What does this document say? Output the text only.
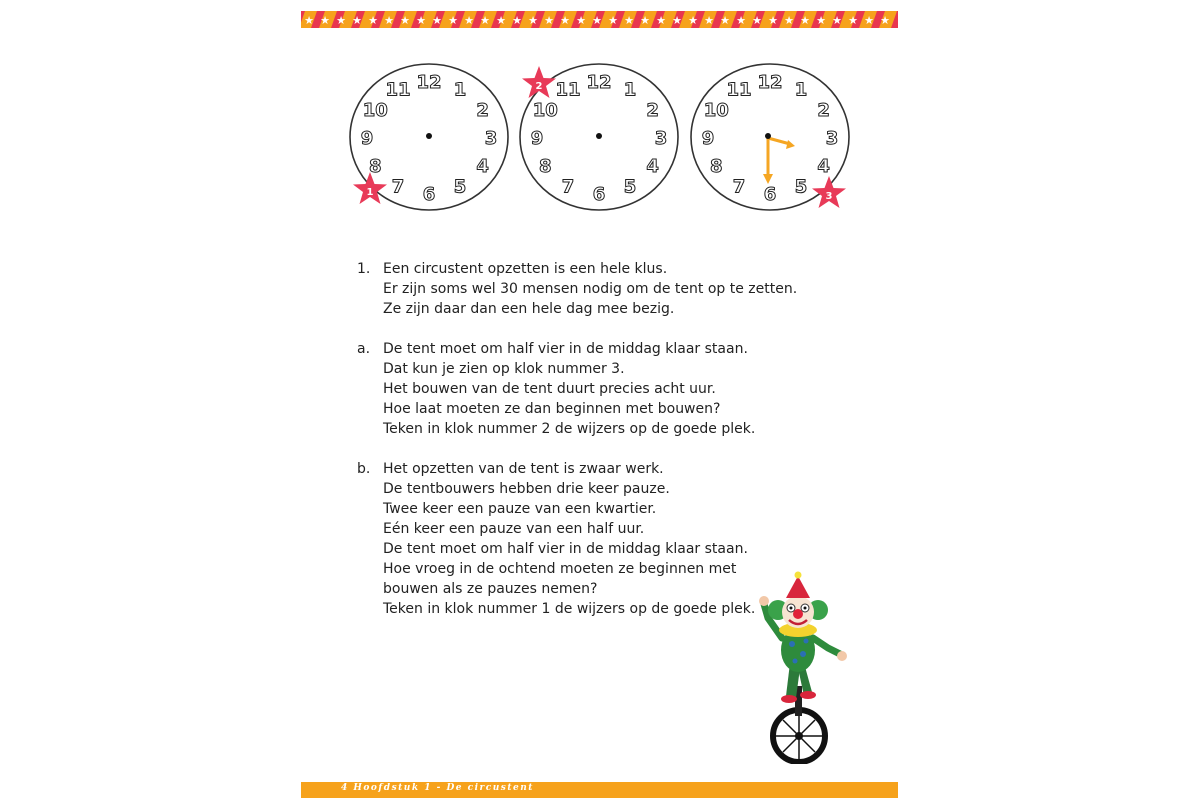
★ ★ ★ ★ ★ ★ ★ ★ ★ ★ ★ ★ ★ ★ ★ ★ ★ ★ ★ ★ ★ ★ ★ ★ ★ ★ ★ ★ ★ ★ ★ ★ ★ ★ ★ ★ ★
12 1
2
3
4
5
6
7
8
9
10
11
1
12 1
2
3
4
5
6
7
8
9
10
11
2	12 1
2
3
4
5
6
7
8
9
10
11
3
1. Een circustent opzetten is een hele klus.
Er zijn soms wel 30 mensen nodig om de tent op te zetten.
Ze zijn daar dan een hele dag mee bezig.
a. De tent moet om half vier in de middag klaar staan.
Dat kun je zien op klok nummer 3.
Het bouwen van de tent duurt precies acht uur.
Hoe laat moeten ze dan beginnen met bouwen?
Teken in klok nummer 2 de wijzers op de goede plek.
b. Het opzetten van de tent is zwaar werk.
De tentbouwers hebben drie keer pauze.
Twee keer een pauze van een kwartier.
Eén keer een pauze van een half uur.
De tent moet om half vier in de middag klaar staan.
Hoe vroeg in de ochtend moeten ze beginnen met
bouwen als ze pauzes nemen?
Teken in klok nummer 1 de wijzers op de goede plek.
4 Hoofdstuk 1 - De circustent
